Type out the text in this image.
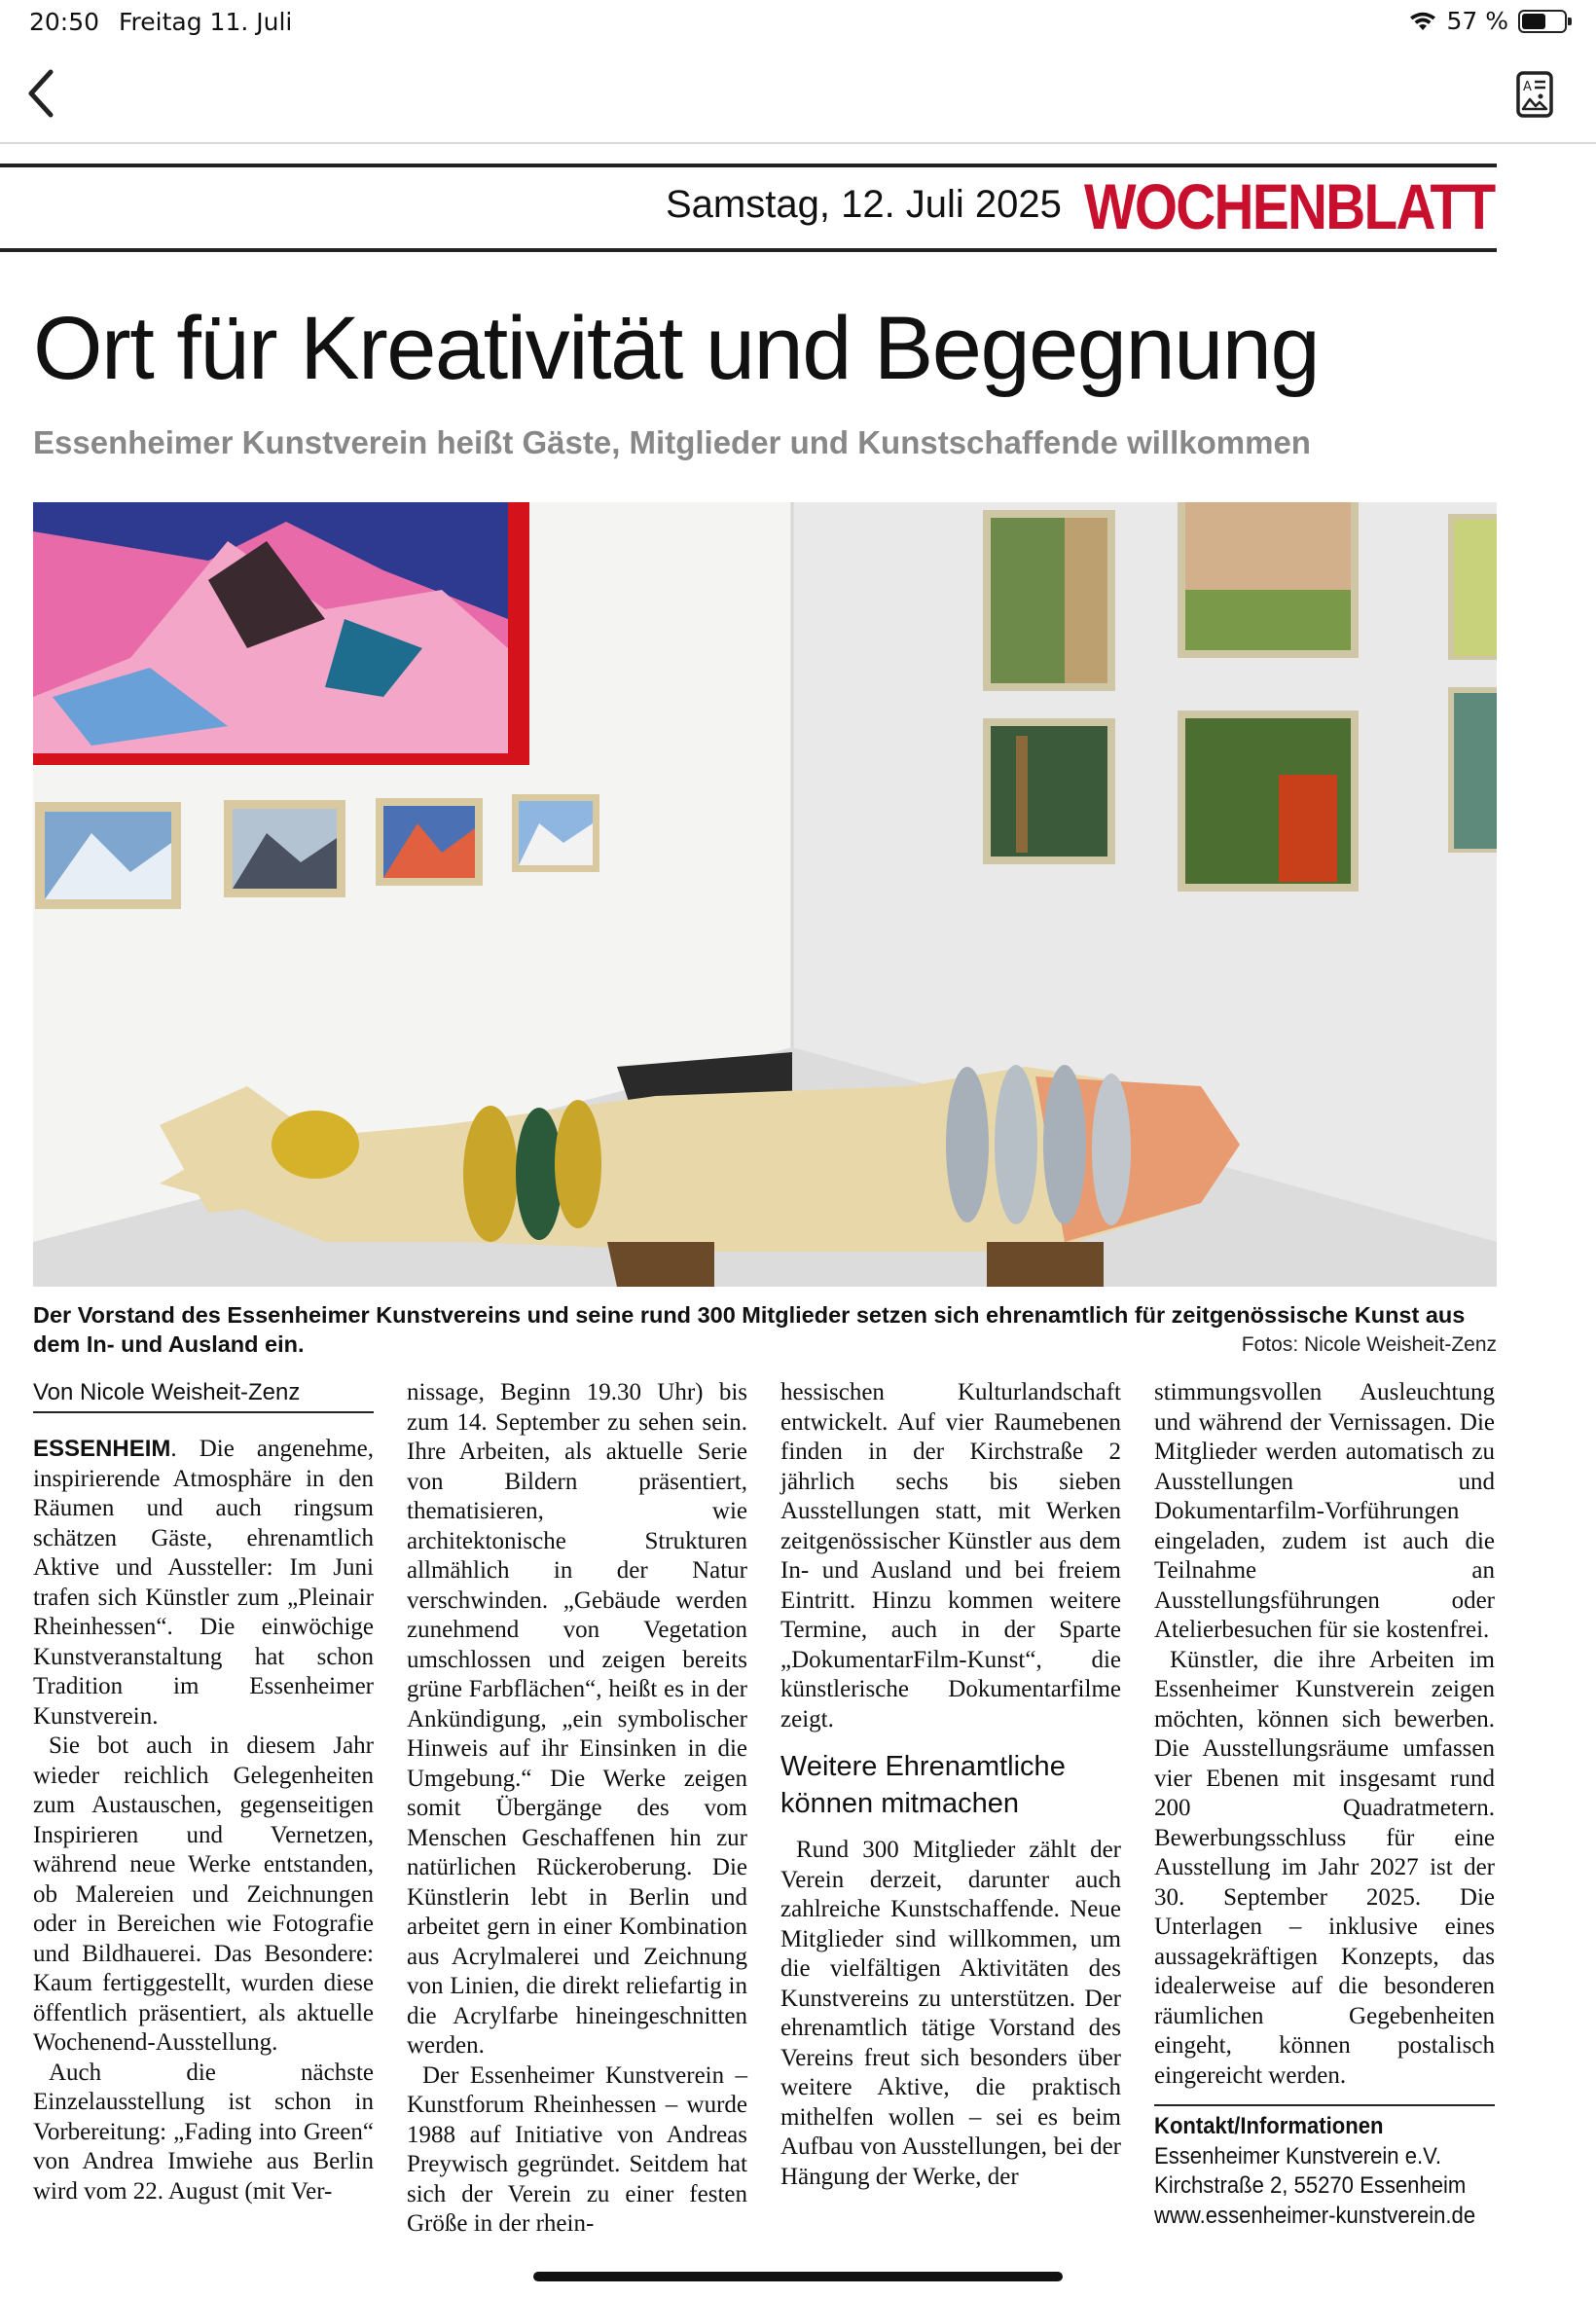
20:50 Freitag 11. Juli	57 %
A
Samstag, 12. Juli 2025 WOCHENBLATT
Ort für Kreativität und Begegnung
Essenheimer Kunstverein heißt Gäste, Mitglieder und Kunstschaffende willkommen

Der Vorstand des Essenheimer Kunstvereins und seine rund 300 Mitglieder setzen sich ehrenamtlich für zeitgenössische Kunst aus dem In- und Ausland ein.	Fotos: Nicole Weisheit-Zenz
Von Nicole Weisheit-Zenz

ESSENHEIM. Die angenehme, inspirierende Atmosphäre in den Räumen und auch ringsum schätzen Gäste, ehrenamtlich Aktive und Aussteller: Im Juni trafen sich Künstler zum „Pleinair Rheinhessen“. Die einwöchige Kunstveranstaltung hat schon Tradition im Essenheimer Kunstverein.

Sie bot auch in diesem Jahr wieder reichlich Gelegenheiten zum Austauschen, gegenseitigen Inspirieren und Vernetzen, während neue Werke entstanden, ob Malereien und Zeichnungen oder in Bereichen wie Fotografie und Bildhauerei. Das Besondere: Kaum fertiggestellt, wurden diese öffentlich präsentiert, als aktuelle Wochenend-Ausstellung.

Auch die nächste Einzelausstellung ist schon in Vorbereitung: „Fading into Green“ von Andrea Imwiehe aus Berlin wird vom 22. August (mit Ver-

nissage, Beginn 19.30 Uhr) bis zum 14. September zu sehen sein. Ihre Arbeiten, als aktuelle Serie von Bildern präsentiert, thematisieren, wie architektonische Strukturen allmählich in der Natur verschwinden. „Gebäude werden zunehmend von Vegetation umschlossen und zeigen bereits grüne Farbflächen“, heißt es in der Ankündigung, „ein symbolischer Hinweis auf ihr Einsinken in die Umgebung.“ Die Werke zeigen somit Übergänge des vom Menschen Geschaffenen hin zur natürlichen Rückeroberung. Die Künstlerin lebt in Berlin und arbeitet gern in einer Kombination aus Acrylmalerei und Zeichnung von Linien, die direkt reliefartig in die Acrylfarbe hineingeschnitten werden.

Der Essenheimer Kunstverein – Kunstforum Rheinhessen – wurde 1988 auf Initiative von Andreas Preywisch gegründet. Seitdem hat sich der Verein zu einer festen Größe in der rhein-

hessischen Kulturlandschaft entwickelt. Auf vier Raumebenen finden in der Kirchstraße 2 jährlich sechs bis sieben Ausstellungen statt, mit Werken zeitgenössischer Künstler aus dem In- und Ausland und bei freiem Eintritt. Hinzu kommen weitere Termine, auch in der Sparte „DokumentarFilm-Kunst“, die künstlerische Dokumentarfilme zeigt.

Weitere Ehrenamtliche können mitmachen

Rund 300 Mitglieder zählt der Verein derzeit, darunter auch zahlreiche Kunstschaffende. Neue Mitglieder sind willkommen, um die vielfältigen Aktivitäten des Kunstvereins zu unterstützen. Der ehrenamtlich tätige Vorstand des Vereins freut sich besonders über weitere Aktive, die praktisch mithelfen wollen – sei es beim Aufbau von Ausstellungen, bei der Hängung der Werke, der

stimmungsvollen Ausleuchtung und während der Vernissagen. Die Mitglieder werden automatisch zu Ausstellungen und Dokumentarfilm-Vorführungen eingeladen, zudem ist auch die Teilnahme an Ausstellungsführungen oder Atelierbesuchen für sie kostenfrei.

Künstler, die ihre Arbeiten im Essenheimer Kunstverein zeigen möchten, können sich bewerben. Die Ausstellungsräume umfassen vier Ebenen mit insgesamt rund 200 Quadratmetern. Bewerbungsschluss für eine Ausstellung im Jahr 2027 ist der 30. September 2025. Die Unterlagen – inklusive eines aussagekräftigen Konzepts, das idealerweise auf die besonderen räumlichen Gegebenheiten eingeht, können postalisch eingereicht werden.

Kontakt/Informationen
Essenheimer Kunstverein e.V.
Kirchstraße 2, 55270 Essenheim
www.essenheimer-kunstverein.de
